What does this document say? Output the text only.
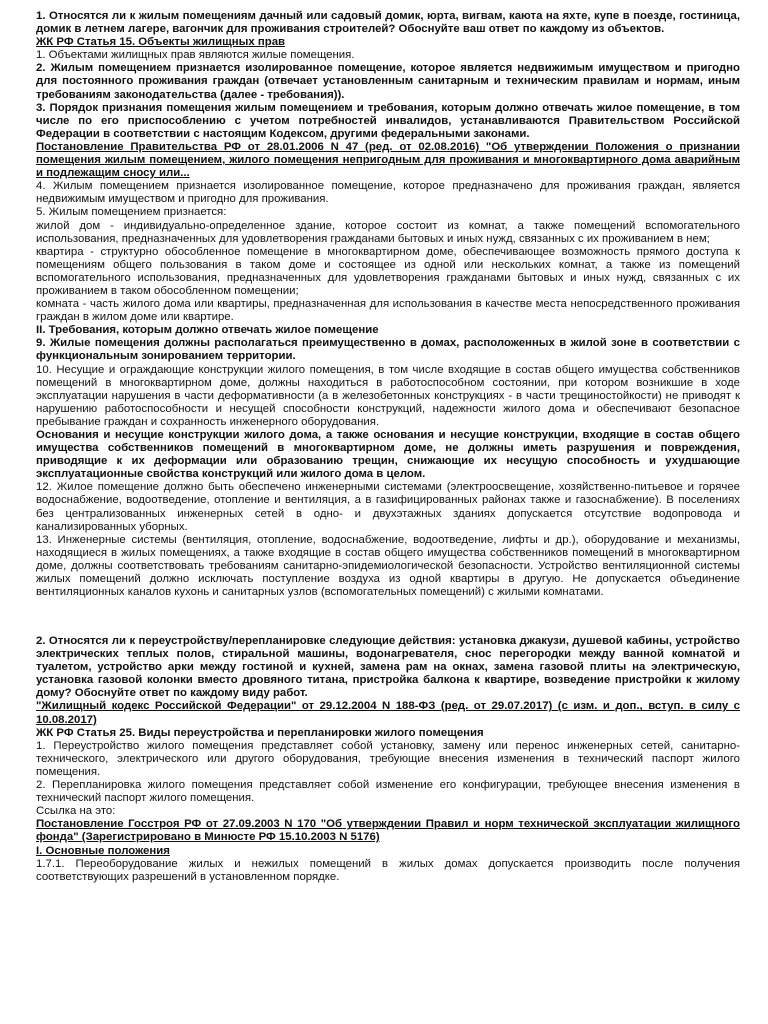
1. Относятся ли к жилым помещениям дачный или садовый домик, юрта, вигвам, каюта на яхте, купе в поезде, гостиница, домик в летнем лагере, вагончик для проживания строителей? Обоснуйте ваш ответ по каждому из объектов.

ЖК РФ Статья 15. Объекты жилищных прав

1. Объектами жилищных прав являются жилые помещения.

2. Жилым помещением признается изолированное помещение, которое является недвижимым имуществом и пригодно для постоянного проживания граждан (отвечает установленным санитарным и техническим правилам и нормам, иным требованиям законодательства (далее - требования)).

3. Порядок признания помещения жилым помещением и требования, которым должно отвечать жилое помещение, в том числе по его приспособлению с учетом потребностей инвалидов, устанавливаются Правительством Российской Федерации в соответствии с настоящим Кодексом, другими федеральными законами.

Постановление Правительства РФ от 28.01.2006 N 47 (ред. от 02.08.2016) "Об утверждении Положения о признании помещения жилым помещением, жилого помещения непригодным для проживания и многоквартирного дома аварийным и подлежащим сносу или...

4. Жилым помещением признается изолированное помещение, которое предназначено для проживания граждан, является недвижимым имуществом и пригодно для проживания.

5. Жилым помещением признается:

жилой дом - индивидуально-определенное здание, которое состоит из комнат, а также помещений вспомогательного использования, предназначенных для удовлетворения гражданами бытовых и иных нужд, связанных с их проживанием в нем;

квартира - структурно обособленное помещение в многоквартирном доме, обеспечивающее возможность прямого доступа к помещениям общего пользования в таком доме и состоящее из одной или нескольких комнат, а также из помещений вспомогательного использования, предназначенных для удовлетворения гражданами бытовых и иных нужд, связанных с их проживанием в таком обособленном помещении;

комната - часть жилого дома или квартиры, предназначенная для использования в качестве места непосредственного проживания граждан в жилом доме или квартире.

II. Требования, которым должно отвечать жилое помещение

9. Жилые помещения должны располагаться преимущественно в домах, расположенных в жилой зоне в соответствии с функциональным зонированием территории.

10. Несущие и ограждающие конструкции жилого помещения, в том числе входящие в состав общего имущества собственников помещений в многоквартирном доме, должны находиться в работоспособном состоянии, при котором возникшие в ходе эксплуатации нарушения в части деформативности (а в железобетонных конструкциях - в части трещиностойкости) не приводят к нарушению работоспособности и несущей способности конструкций, надежности жилого дома и обеспечивают безопасное пребывание граждан и сохранность инженерного оборудования.

Основания и несущие конструкции жилого дома, а также основания и несущие конструкции, входящие в состав общего имущества собственников помещений в многоквартирном доме, не должны иметь разрушения и повреждения, приводящие к их деформации или образованию трещин, снижающие их несущую способность и ухудшающие эксплуатационные свойства конструкций или жилого дома в целом.

12. Жилое помещение должно быть обеспечено инженерными системами (электроосвещение, хозяйственно-питьевое и горячее водоснабжение, водоотведение, отопление и вентиляция, а в газифицированных районах также и газоснабжение). В поселениях без централизованных инженерных сетей в одно- и двухэтажных зданиях допускается отсутствие водопровода и канализированных уборных.

13. Инженерные системы (вентиляция, отопление, водоснабжение, водоотведение, лифты и др.), оборудование и механизмы, находящиеся в жилых помещениях, а также входящие в состав общего имущества собственников помещений в многоквартирном доме, должны соответствовать требованиям санитарно-эпидемиологической безопасности. Устройство вентиляционной системы жилых помещений должно исключать поступление воздуха из одной квартиры в другую. Не допускается объединение вентиляционных каналов кухонь и санитарных узлов (вспомогательных помещений) с жилыми комнатами.

2. Относятся ли к переустройству/перепланировке следующие действия: установка джакузи, душевой кабины, устройство электрических теплых полов, стиральной машины, водонагревателя, снос перегородки между ванной комнатой и туалетом, устройство арки между гостиной и кухней, замена рам на окнах, замена газовой плиты на электрическую, установка газовой колонки вместо дровяного титана, пристройка балкона к квартире, возведение пристройки к жилому дому? Обоснуйте ответ по каждому виду работ.

"Жилищный кодекс Российской Федерации" от 29.12.2004 N 188-ФЗ (ред. от 29.07.2017) (с изм. и доп., вступ. в силу с 10.08.2017)

ЖК РФ Статья 25. Виды переустройства и перепланировки жилого помещения

1. Переустройство жилого помещения представляет собой установку, замену или перенос инженерных сетей, санитарно-технического, электрического или другого оборудования, требующие внесения изменения в технический паспорт жилого помещения.

2. Перепланировка жилого помещения представляет собой изменение его конфигурации, требующее внесения изменения в технический паспорт жилого помещения.

Ссылка на это:

Постановление Госстроя РФ от 27.09.2003 N 170 "Об утверждении Правил и норм технической эксплуатации жилищного фонда" (Зарегистрировано в Минюсте РФ 15.10.2003 N 5176)

I. Основные положения

1.7.1. Переоборудование жилых и нежилых помещений в жилых домах допускается производить после получения соответствующих разрешений в установленном порядке.
